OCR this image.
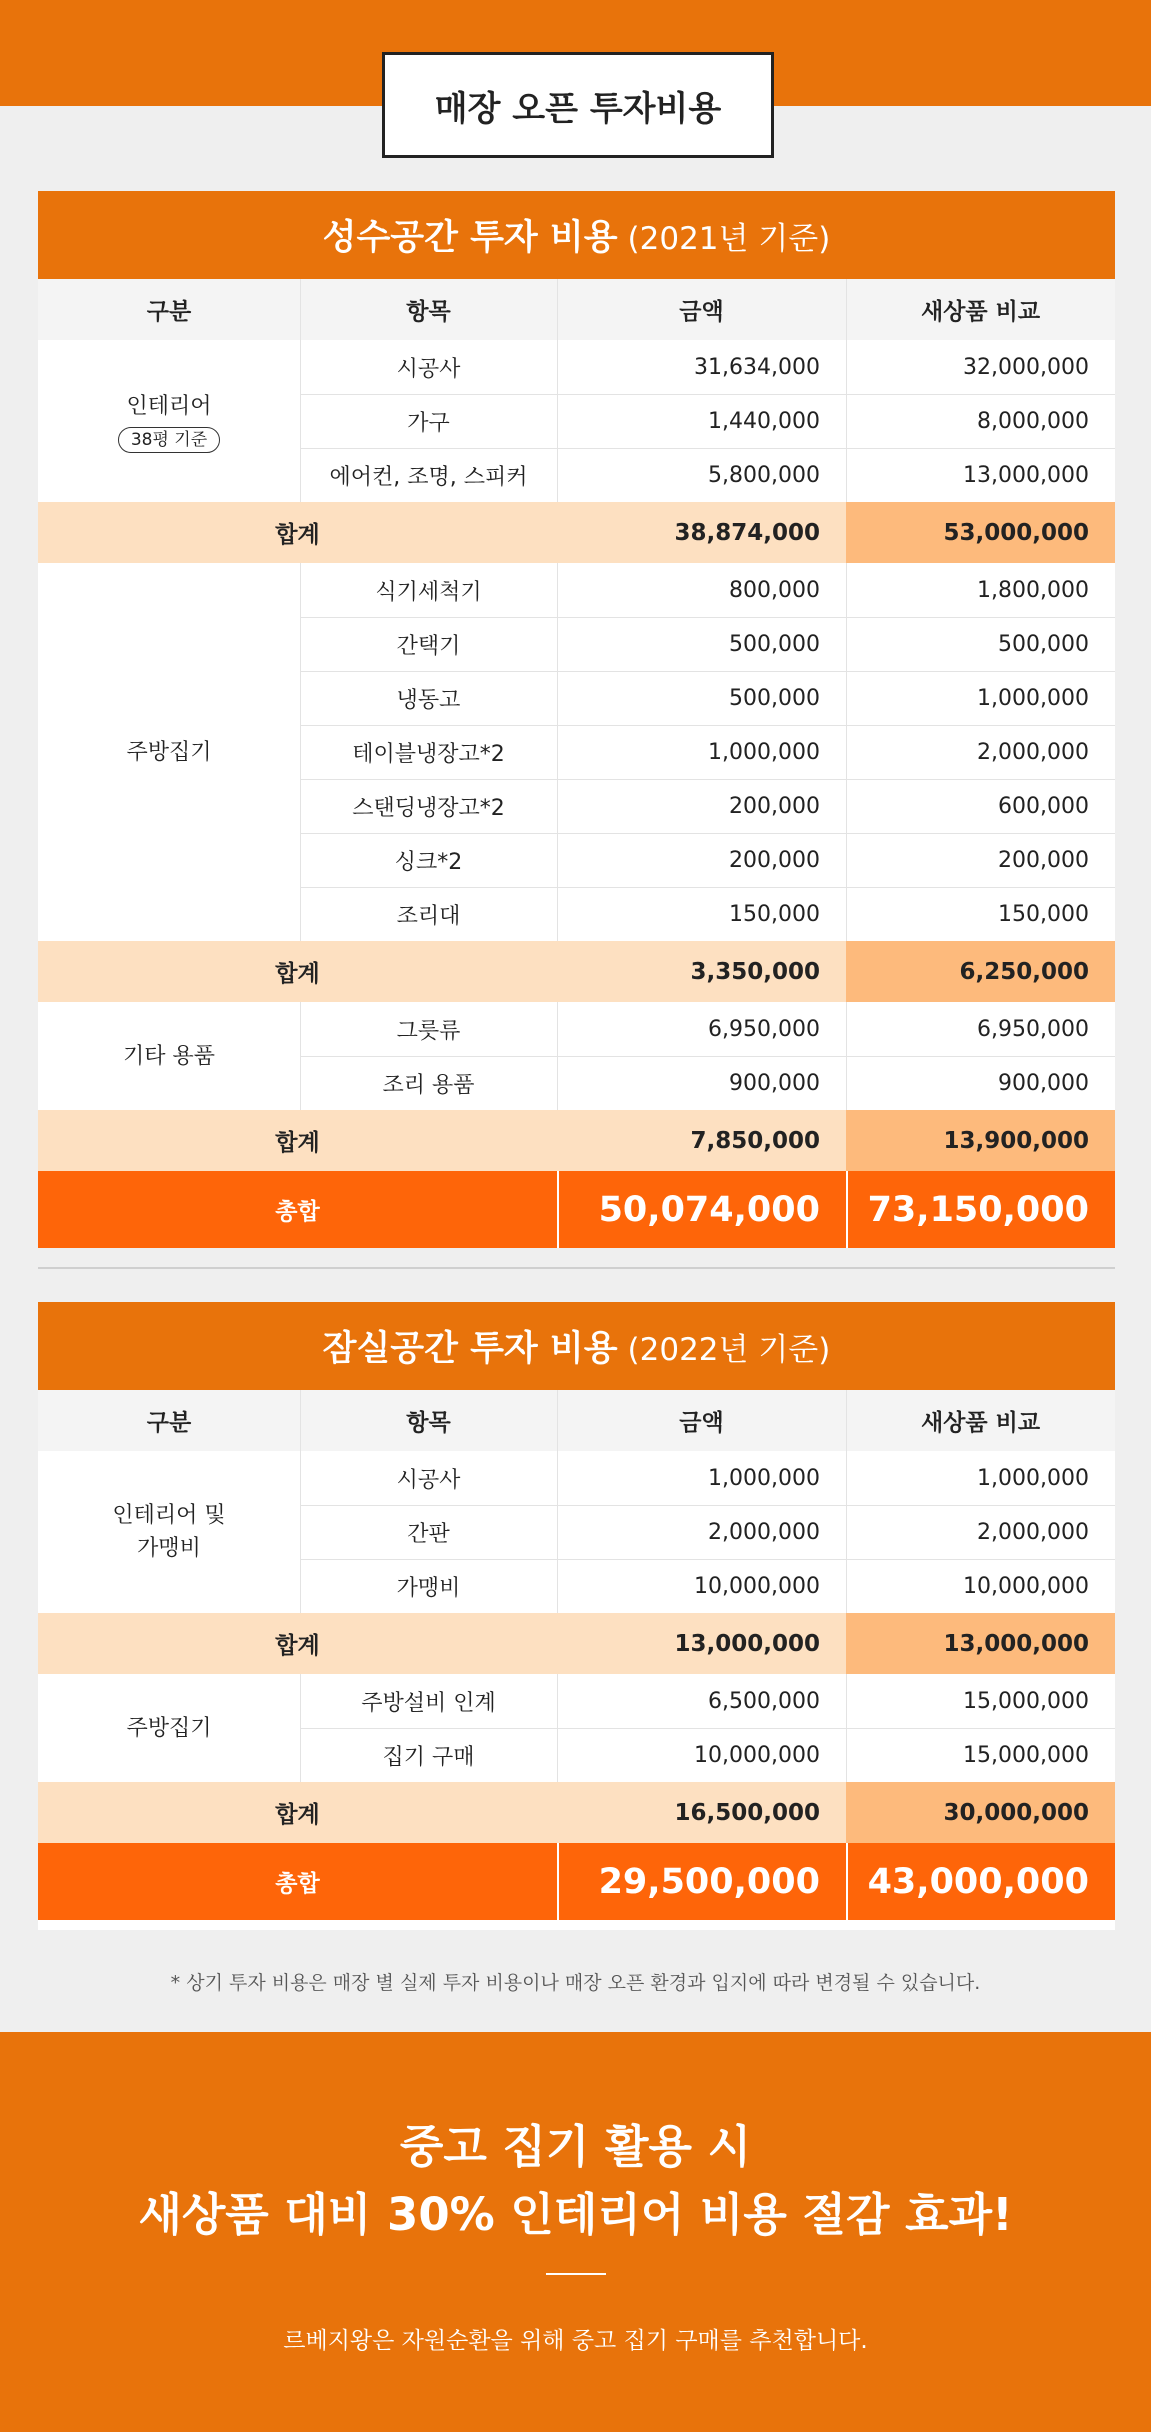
매장 오픈 투자비용
성수공간 투자 비용 (2021년 기준)
구분	항목	금액	새상품 비교
인테리어
38평 기준
시공사	31,634,000	32,000,000
가구	1,440,000	8,000,000
에어컨, 조명, 스피커	5,800,000	13,000,000
합계	38,874,000	53,000,000
주방집기
식기세척기	800,000	1,800,000
간택기	500,000	500,000
냉동고	500,000	1,000,000
테이블냉장고*2	1,000,000	2,000,000
스탠딩냉장고*2	200,000	600,000
싱크*2	200,000	200,000
조리대	150,000	150,000
합계	3,350,000	6,250,000
기타 용품
그릇류	6,950,000	6,950,000
조리 용품	900,000	900,000
합계	7,850,000	13,900,000
총합	50,074,000	73,150,000
잠실공간 투자 비용 (2022년 기준)
구분	항목	금액	새상품 비교
인테리어 및
가맹비
시공사	1,000,000	1,000,000
간판	2,000,000	2,000,000
가맹비	10,000,000	10,000,000
합계	13,000,000	13,000,000
주방집기
주방설비 인계	6,500,000	15,000,000
집기 구매	10,000,000	15,000,000
합계	16,500,000	30,000,000
총합	29,500,000	43,000,000
* 상기 투자 비용은 매장 별 실제 투자 비용이나 매장 오픈 환경과 입지에 따라 변경될 수 있습니다.
중고 집기 활용 시
새상품 대비 30% 인테리어 비용 절감 효과!
르베지왕은 자원순환을 위해 중고 집기 구매를 추천합니다.
